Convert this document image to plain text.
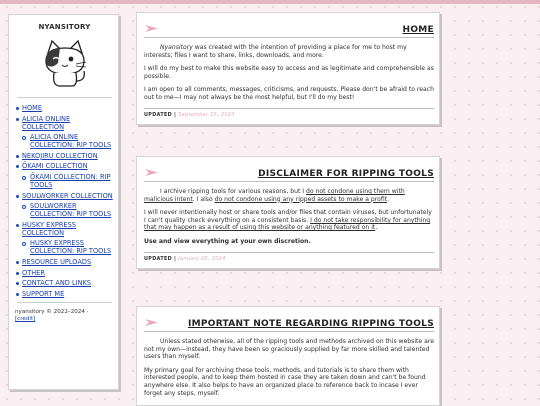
NYANSITORY
HOME
ALICIA ONLINE COLLECTION
ALICIA ONLINE COLLECTION: RIP TOOLS
NEKOJIRU COLLECTION
ŌKAMI COLLECTION
ŌKAMI COLLECTION: RIP TOOLS
SOULWORKER COLLECTION
SOULWORKER COLLECTION: RIP TOOLS
HUSKY EXPRESS COLLECTION
HUSKY EXPRESS COLLECTION: RIP TOOLS
RESOURCE UPLOADS
OTHER
CONTACT AND LINKS
SUPPORT ME
nyansitory © 2022–2024 ·
[credit]
HOME

Nyansitory was created with the intention of providing a place for me to host my interests; files I want to share, links, downloads, and more.

I will do my best to make this website easy to access and as legitimate and comprehensible as possible.

I am open to all comments, messages, criticisms, and requests. Please don't be afraid to reach out to me—I may not always be the most helpful, but I'll do my best!

UPDATED | September 15, 2023
DISCLAIMER FOR RIPPING TOOLS

I archive ripping tools for various reasons, but I do not condone using them with malicious intent. I also do not condone using any ripped assets to make a profit.

I will never intentionally host or share tools and/or files that contain viruses, but unfortunately I can't quality check everything on a consistent basis. I do not take responsibility for anything that may happen as a result of using this website or anything featured on it.

Use and view everything at your own discretion.

UPDATED | January 05, 2024
IMPORTANT NOTE REGARDING RIPPING TOOLS

Unless stated otherwise, all of the ripping tools and methods archived on this website are not my own—instead, they have been so graciously supplied by far more skilled and talented users than myself.

My primary goal for archiving these tools, methods, and tutorials is to share them with interested people, and to keep them hosted in case they are taken down and can't be found anywhere else. It also helps to have an organized place to reference back to incase I ever forget any steps, myself.
